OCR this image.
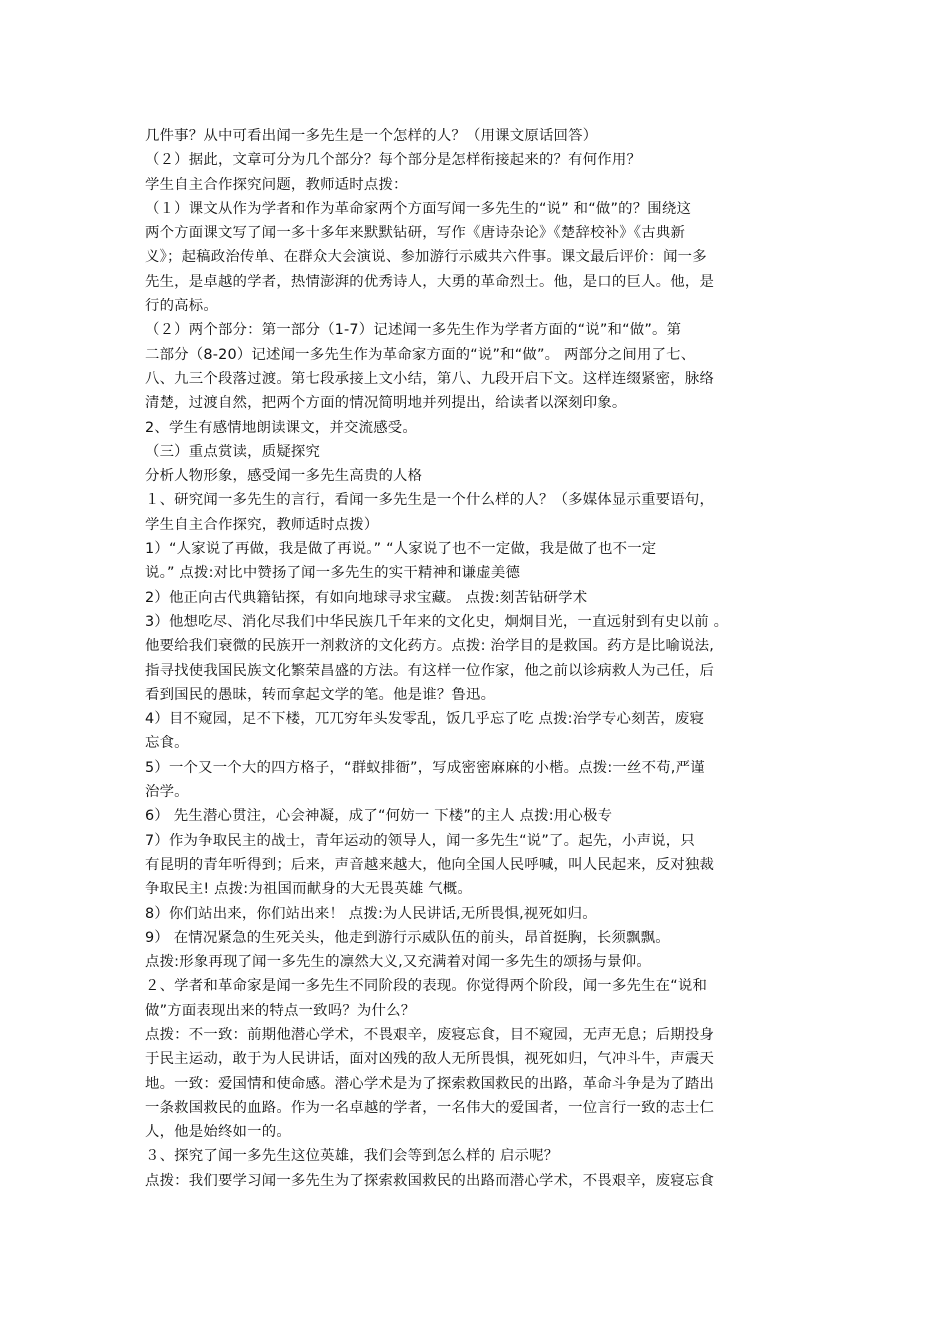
几件事？从中可看出闻一多先生是一个怎样的人？（用课文原话回答）
（２）据此，文章可分为几个部分？每个部分是怎样衔接起来的？有何作用？
学生自主合作探究问题，教师适时点拨：
（１）课文从作为学者和作为革命家两个方面写闻一多先生的“说” 和“做”的？围绕这
两个方面课文写了闻一多十多年来默默钻研，写作《唐诗杂论》《楚辞校补》《古典新
义》；起稿政治传单、在群众大会演说、参加游行示威共六件事。课文最后评价：闻一多
先生，是卓越的学者，热情澎湃的优秀诗人，大勇的革命烈士。他，是口的巨人。他，是
行的高标。
（２）两个部分：第一部分（1-7）记述闻一多先生作为学者方面的“说”和“做”。第
二部分（8-20）记述闻一多先生作为革命家方面的“说”和“做”。 两部分之间用了七、
八、九三个段落过渡。第七段承接上文小结，第八、九段开启下文。这样连缀紧密，脉络
清楚，过渡自然，把两个方面的情况简明地并列提出，给读者以深刻印象。
2、学生有感情地朗读课文，并交流感受。
（三）重点赏读，质疑探究
分析人物形象，感受闻一多先生高贵的人格
１、研究闻一多先生的言行，看闻一多先生是一个什么样的人？（多媒体显示重要语句，
学生自主合作探究，教师适时点拨）
1）“人家说了再做，我是做了再说。” “人家说了也不一定做，我是做了也不一定
说。” 点拨:对比中赞扬了闻一多先生的实干精神和谦虚美德
2）他正向古代典籍钻探，有如向地球寻求宝藏。 点拨:刻苦钻研学术
3）他想吃尽、消化尽我们中华民族几千年来的文化史，炯炯目光，一直远射到有史以前 。
他要给我们衰微的民族开一剂救济的文化药方。点拨: 治学目的是救国。药方是比喻说法,
指寻找使我国民族文化繁荣昌盛的方法。有这样一位作家，他之前以诊病救人为己任，后
看到国民的愚昧，转而拿起文学的笔。他是谁？鲁迅。
4）目不窥园，足不下楼，兀兀穷年头发零乱，饭几乎忘了吃 点拨:治学专心刻苦，废寝
忘食。
5）一个又一个大的四方格子，“群蚁排衙”，写成密密麻麻的小楷。点拨:一丝不苟,严谨
治学。
6） 先生潜心贯注，心会神凝，成了“何妨一 下楼”的主人 点拨:用心极专
7）作为争取民主的战士，青年运动的领导人，闻一多先生“说”了。起先，小声说，只
有昆明的青年听得到；后来，声音越来越大，他向全国人民呼喊，叫人民起来，反对独裁
争取民主! 点拨:为祖国而献身的大无畏英雄 气概。
8）你们站出来，你们站出来！ 点拨:为人民讲话,无所畏惧,视死如归。
9） 在情况紧急的生死关头，他走到游行示威队伍的前头，昂首挺胸，长须飘飘。
点拨:形象再现了闻一多先生的凛然大义,又充满着对闻一多先生的颂扬与景仰。
２、学者和革命家是闻一多先生不同阶段的表现。你觉得两个阶段，闻一多先生在“说和
做”方面表现出来的特点一致吗？为什么？
点拨：不一致：前期他潜心学术，不畏艰辛，废寝忘食，目不窥园，无声无息；后期投身
于民主运动，敢于为人民讲话，面对凶残的敌人无所畏惧，视死如归，气冲斗牛，声震天
地。一致：爱国情和使命感。潜心学术是为了探索救国救民的出路，革命斗争是为了踏出
一条救国救民的血路。作为一名卓越的学者，一名伟大的爱国者，一位言行一致的志士仁
人，他是始终如一的。
３、探究了闻一多先生这位英雄，我们会等到怎么样的 启示呢？
点拨：我们要学习闻一多先生为了探索救国救民的出路而潜心学术，不畏艰辛，废寝忘食
